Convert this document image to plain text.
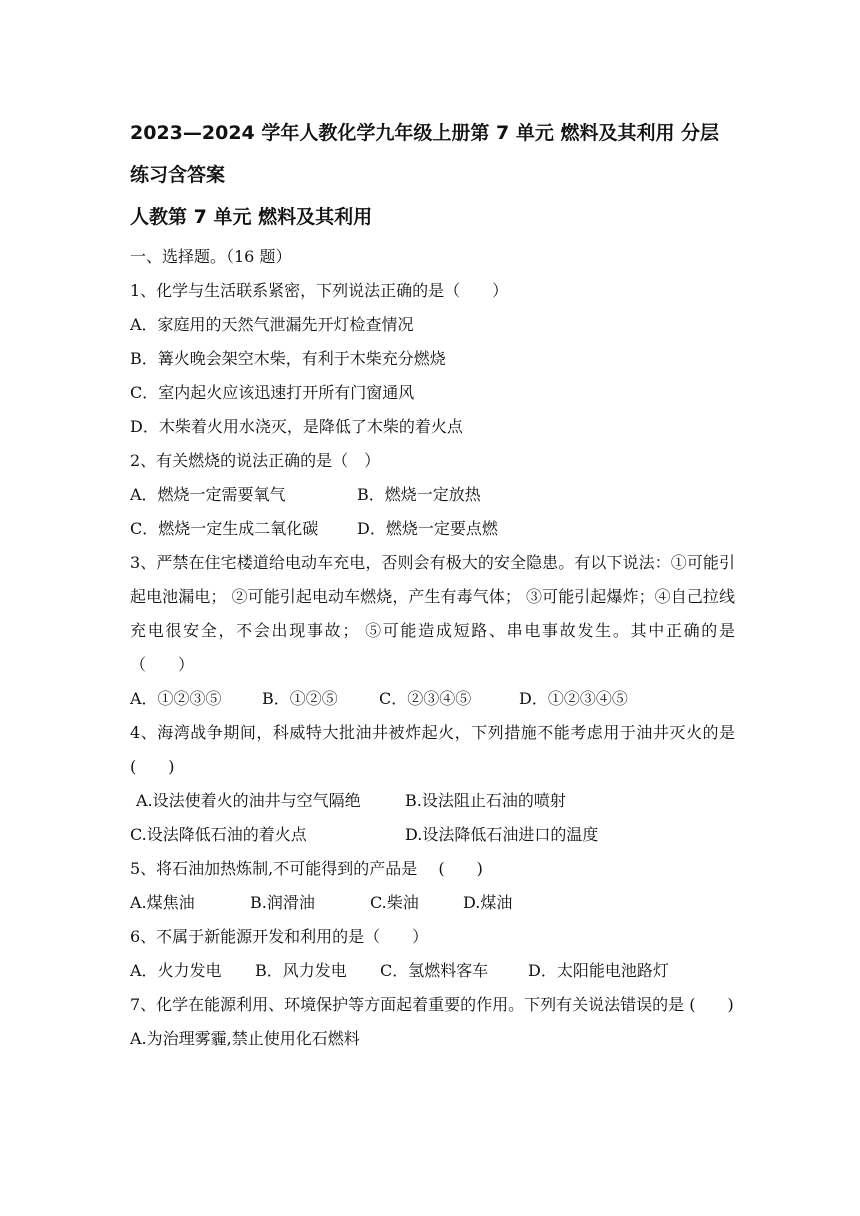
2023—2024 学年人教化学九年级上册第 7 单元 燃料及其利用 分层

练习含答案

人教第 7 单元 燃料及其利用

一、选择题。（16 题）

1、化学与生活联系紧密，下列说法正确的是（　　）

A．家庭用的天然气泄漏先开灯检查情况

B．篝火晚会架空木柴，有利于木柴充分燃烧

C．室内起火应该迅速打开所有门窗通风

D．木柴着火用水浇灭，是降低了木柴的着火点

2、有关燃烧的说法正确的是（　）

A．燃烧一定需要氧气	B．燃烧一定放热
C．燃烧一定生成二氧化碳	D．燃烧一定要点燃

3、严禁在住宅楼道给电动车充电，否则会有极大的安全隐患。有以下说法：①可能引起电池漏电； ②可能引起电动车燃烧，产生有毒气体； ③可能引起爆炸；④自己拉线充电很安全，不会出现事故； ⑤可能造成短路、串电事故发生。其中正确的是（　　）

A．①②③⑤	B．①②⑤	C．②③④⑤	D．①②③④⑤

4、海湾战争期间，科威特大批油井被炸起火，下列措施不能考虑用于油井灭火的是 (　　)

A.设法使着火的油井与空气隔绝	B.设法阻止石油的喷射
C.设法降低石油的着火点	D.设法降低石油进口的温度

5、将石油加热炼制,不可能得到的产品是　 (　　)

A.煤焦油	B.润滑油	C.柴油	D.煤油

6、不属于新能源开发和利用的是（　　）

A．火力发电	B．风力发电	C．氢燃料客车	D．太阳能电池路灯

7、化学在能源利用、环境保护等方面起着重要的作用。下列有关说法错误的是 (　　)

A.为治理雾霾,禁止使用化石燃料
